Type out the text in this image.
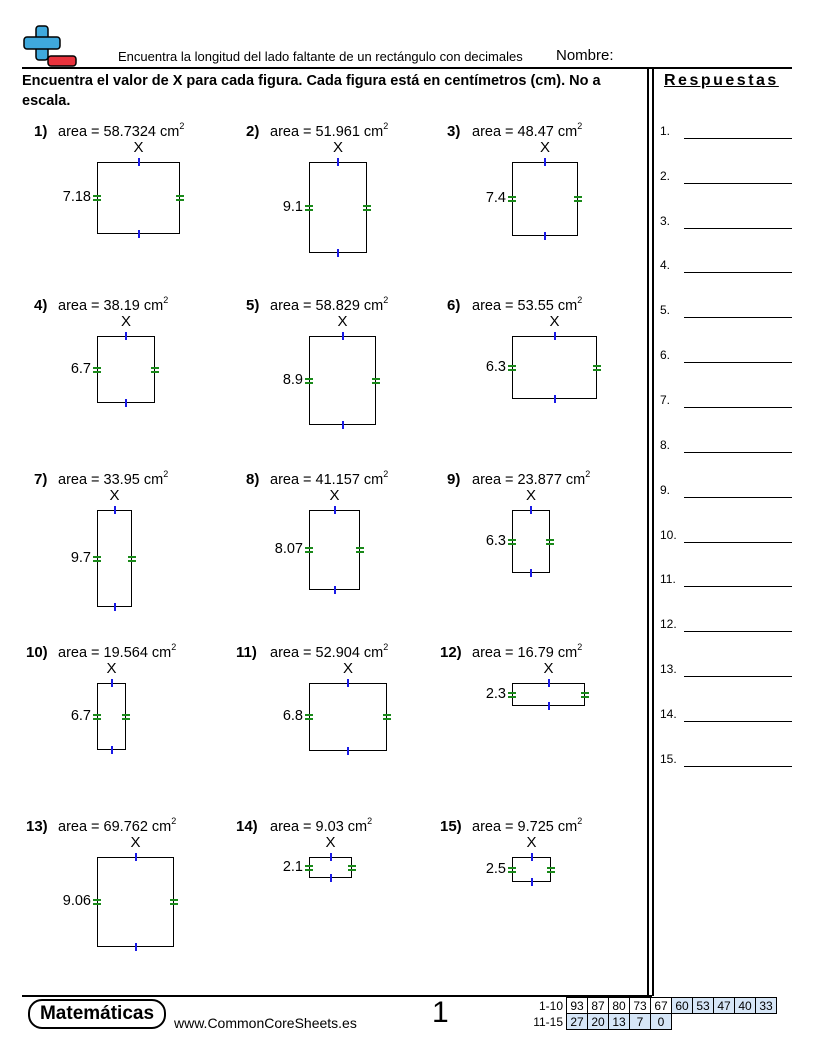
Encuentra la longitud del lado faltante de un rectángulo con decimales Nombre:
Encuentra el valor de X para cada figura. Cada figura está en centímetros (cm). No a escala.
Respuestas
1.
2.
3.
4.
5.
6.
7.
8.
9.
10.
11.
12.
13.
14.
15.
1) area = 58.7324 $cm^2$
X
7.18
2) area = 51.961 $cm^2$
X
9.1
3) area = 48.47 $cm^2$
X
7.4
4) area = 38.19 $cm^2$
X
6.7
5) area = 58.829 $cm^2$
X
8.9
6) area = 53.55 $cm^2$
X
6.3
7) area = 33.95 $cm^2$
X
9.7
8) area = 41.157 $cm^2$
X
8.07
9) area = 23.877 $cm^2$
X
6.3
10) area = 19.564 $cm^2$
X
6.7
11) area = 52.904 $cm^2$
X
6.8
12) area = 16.79 $cm^2$
X
2.3
13) area = 69.762 $cm^2$
X
9.06
14) area = 9.03 $cm^2$
X
2.1
15) area = 9.725 $cm^2$
X
2.5
Matemáticas	www.CommonCoreSheets.es	1	1-10	93	87	80	73	67	60	53	47	40	33
11-15	27	20	13	7	0					
